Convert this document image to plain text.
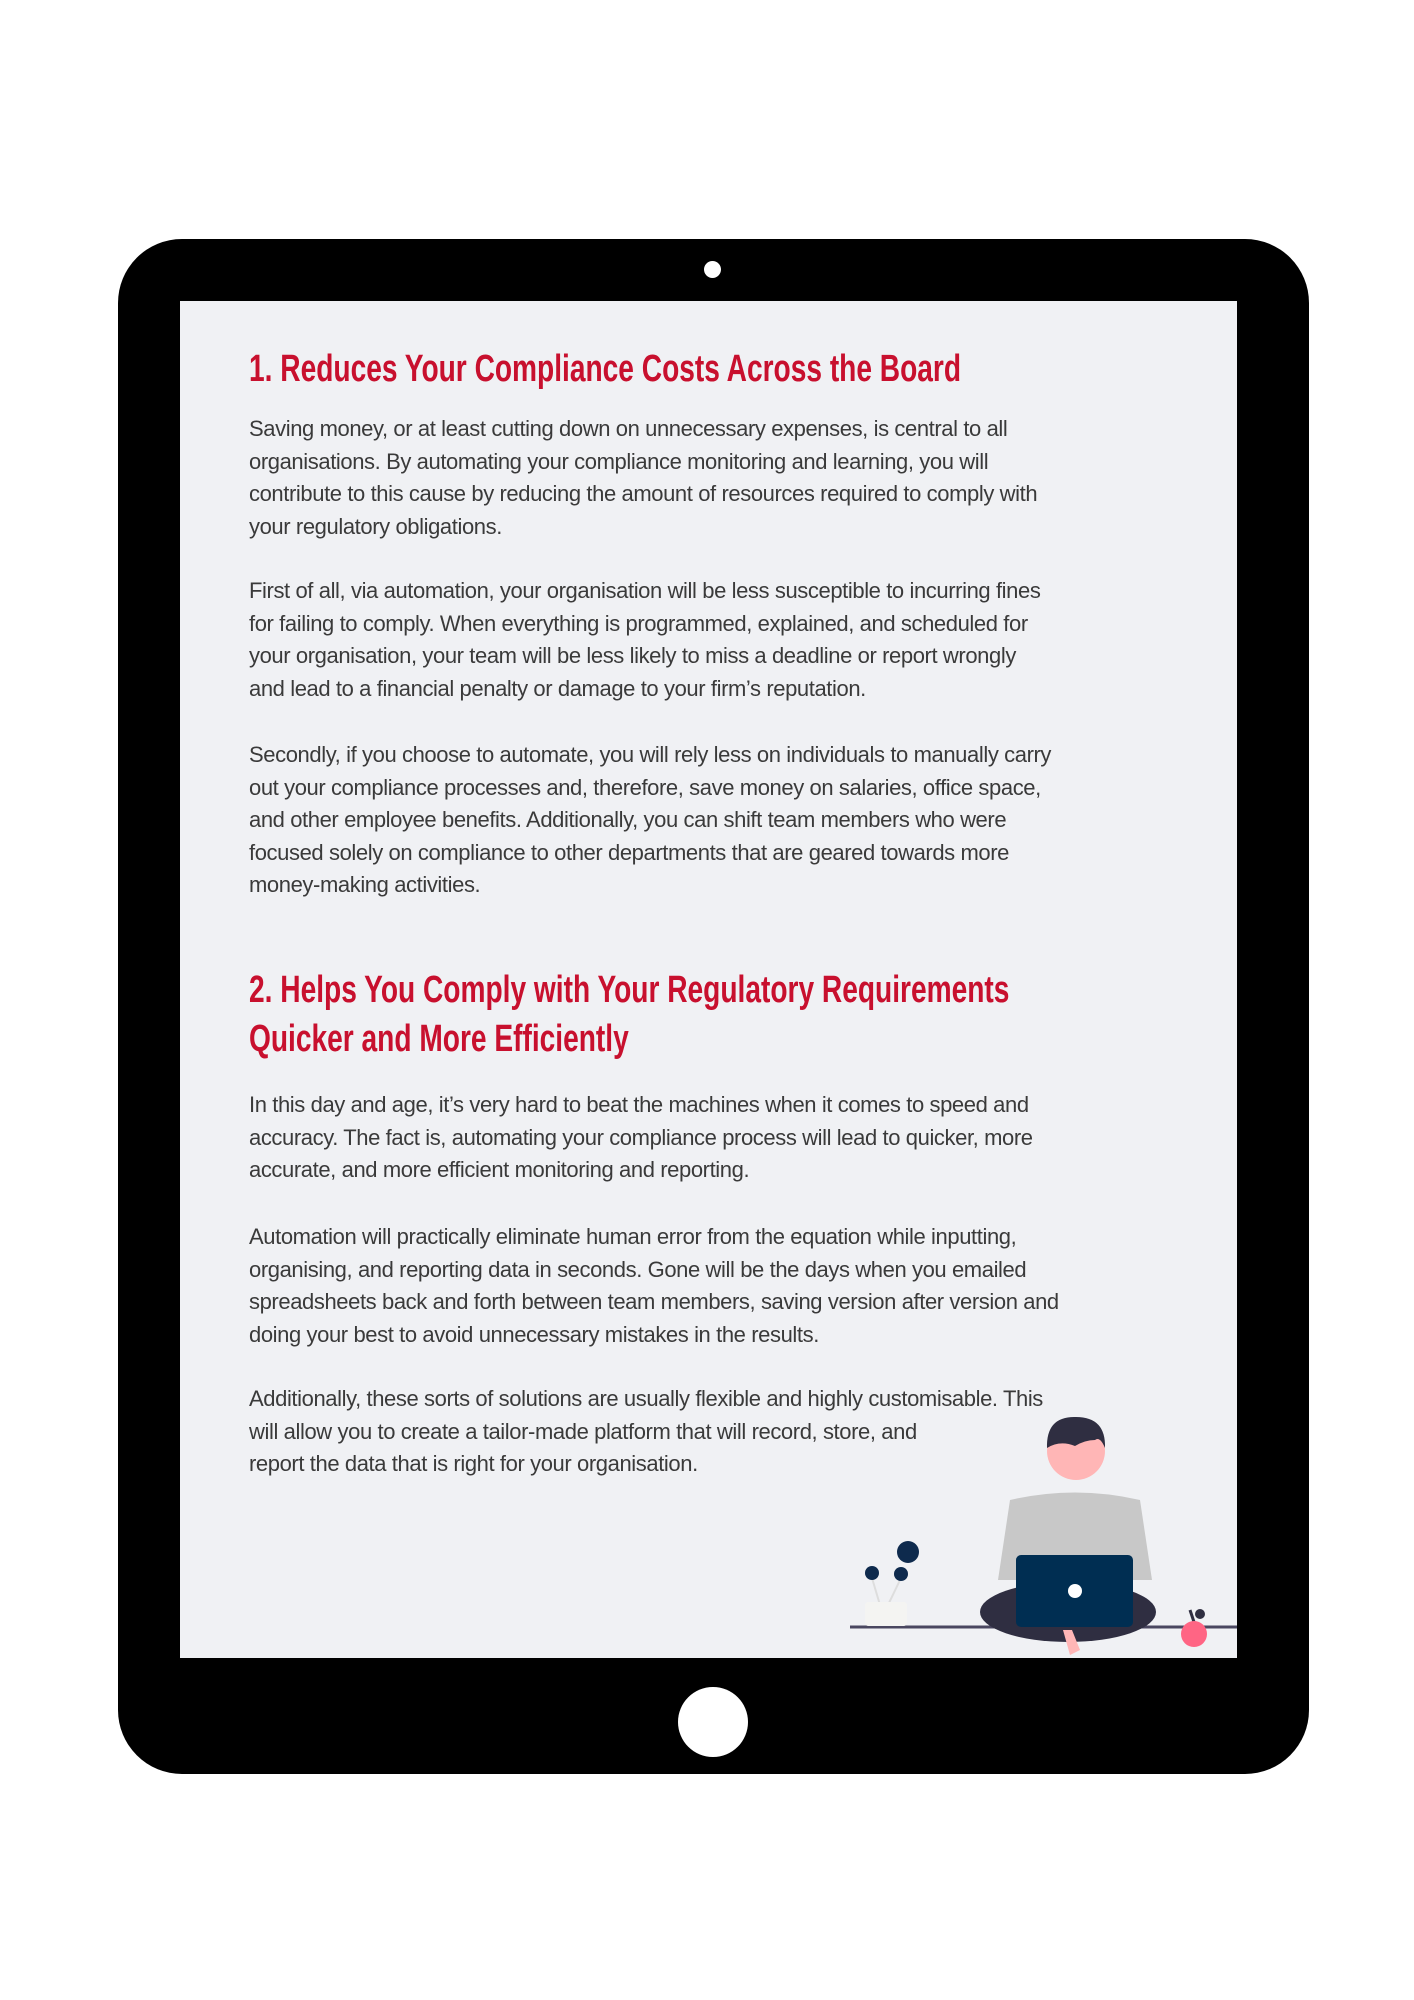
1. Reduces Your Compliance Costs Across the Board
Saving money, or at least cutting down on unnecessary expenses, is central to all
organisations. By automating your compliance monitoring and learning, you will
contribute to this cause by reducing the amount of resources required to comply with
your regulatory obligations.
First of all, via automation, your organisation will be less susceptible to incurring fines
for failing to comply. When everything is programmed, explained, and scheduled for
your organisation, your team will be less likely to miss a deadline or report wrongly
and lead to a financial penalty or damage to your firm’s reputation.
Secondly, if you choose to automate, you will rely less on individuals to manually carry
out your compliance processes and, therefore, save money on salaries, office space,
and other employee benefits. Additionally, you can shift team members who were
focused solely on compliance to other departments that are geared towards more
money-making activities.
2. Helps You Comply with Your Regulatory Requirements
Quicker and More Efficiently
In this day and age, it’s very hard to beat the machines when it comes to speed and
accuracy. The fact is, automating your compliance process will lead to quicker, more
accurate, and more efficient monitoring and reporting.
Automation will practically eliminate human error from the equation while inputting,
organising, and reporting data in seconds. Gone will be the days when you emailed
spreadsheets back and forth between team members, saving version after version and
doing your best to avoid unnecessary mistakes in the results.
Additionally, these sorts of solutions are usually flexible and highly customisable. This
will allow you to create a tailor-made platform that will record, store, and
report the data that is right for your organisation.
